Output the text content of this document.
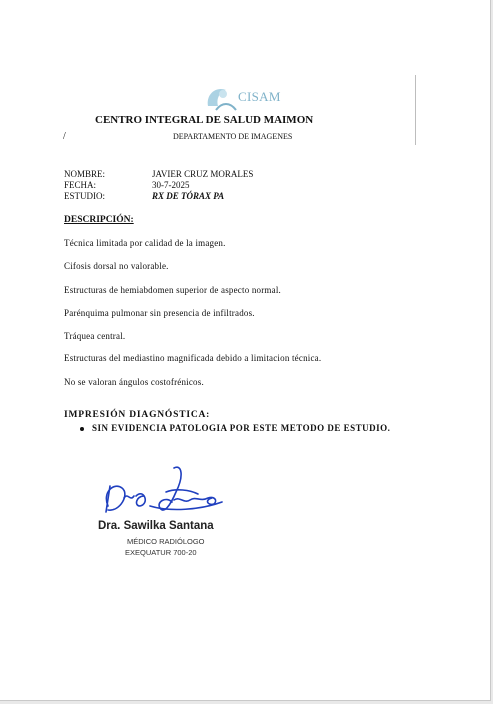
CISAM
CENTRO INTEGRAL DE SALUD MAIMON
/	DEPARTAMENTO DE IMAGENES
NOMBRE:	JAVIER CRUZ MORALES
FECHA:	30-7-2025
ESTUDIO:	RX DE TÓRAX PA
DESCRIPCIÓN:
Técnica limitada por calidad de la imagen.
Cifosis dorsal no valorable.
Estructuras de hemiabdomen superior de aspecto normal.
Parénquima pulmonar sin presencia de infiltrados.
Tráquea central.
Estructuras del mediastino magnificada debido a limitacion técnica.
No se valoran ángulos costofrénicos.
IMPRESIÓN DIAGNÓSTICA:
SIN EVIDENCIA PATOLOGIA POR ESTE METODO DE ESTUDIO.
Dra. Sawilka Santana
MÉDICO RADIÓLOGO
EXEQUATUR 700-20
